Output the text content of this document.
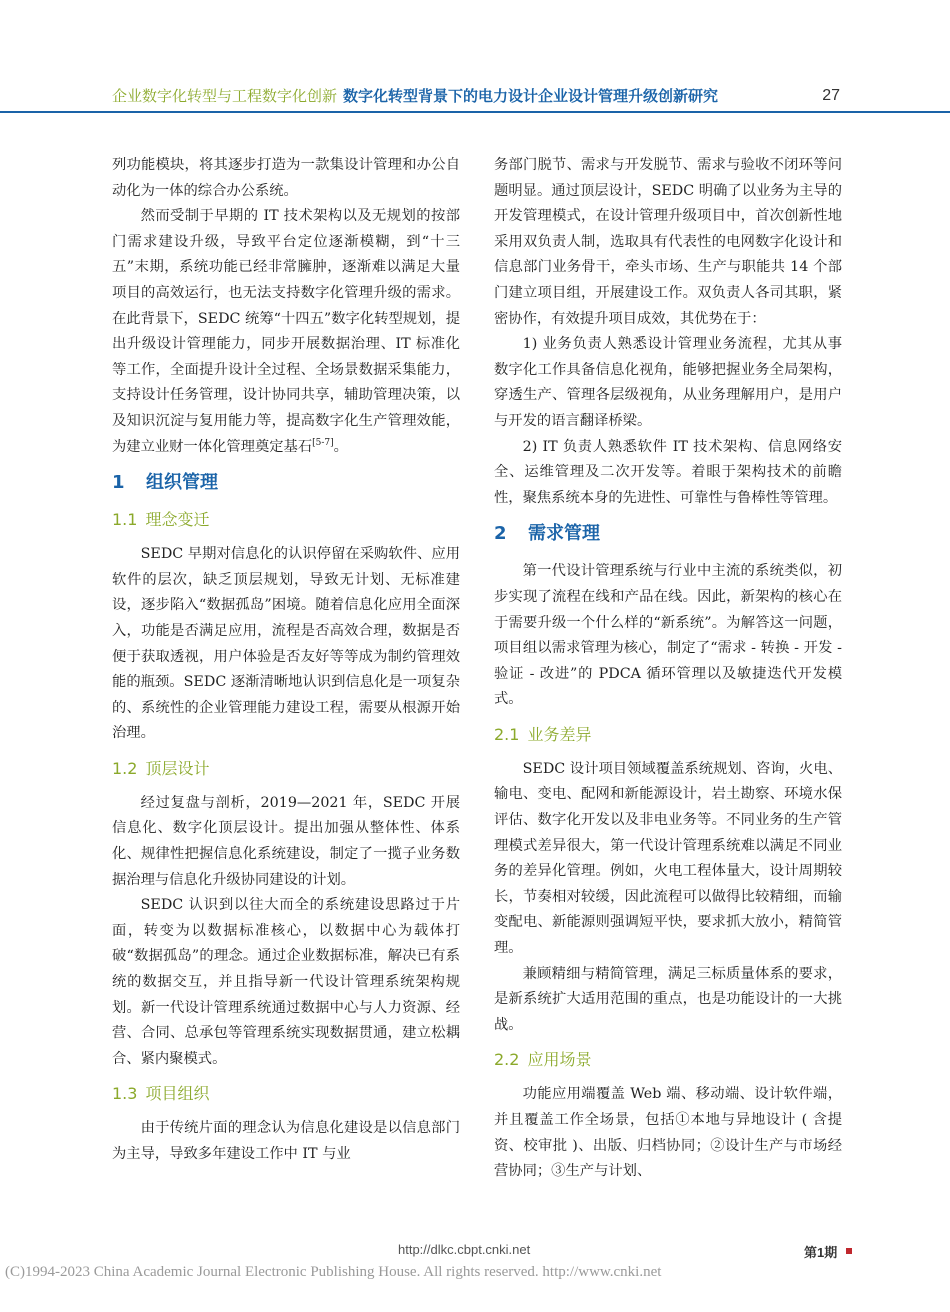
企业数字化转型与工程数字化创新 数字化转型背景下的电力设计企业设计管理升级创新研究	27

列功能模块，将其逐步打造为一款集设计管理和办公自动化为一体的综合办公系统。

然而受制于早期的 IT 技术架构以及无规划的按部门需求建设升级，导致平台定位逐渐模糊，到“十三五”末期，系统功能已经非常臃肿，逐渐难以满足大量项目的高效运行，也无法支持数字化管理升级的需求。在此背景下，SEDC 统筹“十四五”数字化转型规划，提出升级设计管理能力，同步开展数据治理、IT 标准化等工作，全面提升设计全过程、全场景数据采集能力，支持设计任务管理，设计协同共享，辅助管理决策，以及知识沉淀与复用能力等，提高数字化生产管理效能，为建立业财一体化管理奠定基石[5-7]。

1	组织管理
1.1 理念变迁

SEDC 早期对信息化的认识停留在采购软件、应用软件的层次，缺乏顶层规划，导致无计划、无标准建设，逐步陷入“数据孤岛”困境。随着信息化应用全面深入，功能是否满足应用，流程是否高效合理，数据是否便于获取透视，用户体验是否友好等等成为制约管理效能的瓶颈。SEDC 逐渐清晰地认识到信息化是一项复杂的、系统性的企业管理能力建设工程，需要从根源开始治理。

1.2 顶层设计

经过复盘与剖析，2019—2021 年，SEDC 开展信息化、数字化顶层设计。提出加强从整体性、体系化、规律性把握信息化系统建设，制定了一揽子业务数据治理与信息化升级协同建设的计划。

SEDC 认识到以往大而全的系统建设思路过于片面，转变为以数据标准核心，以数据中心为载体打破“数据孤岛”的理念。通过企业数据标准，解决已有系统的数据交互，并且指导新一代设计管理系统架构规划。新一代设计管理系统通过数据中心与人力资源、经营、合同、总承包等管理系统实现数据贯通，建立松耦合、紧内聚模式。

1.3 项目组织

由于传统片面的理念认为信息化建设是以信息部门为主导，导致多年建设工作中 IT 与业

务部门脱节、需求与开发脱节、需求与验收不闭环等问题明显。通过顶层设计，SEDC 明确了以业务为主导的开发管理模式，在设计管理升级项目中，首次创新性地采用双负责人制，选取具有代表性的电网数字化设计和信息部门业务骨干，牵头市场、生产与职能共 14 个部门建立项目组，开展建设工作。双负责人各司其职，紧密协作，有效提升项目成效，其优势在于：

1) 业务负责人熟悉设计管理业务流程，尤其从事数字化工作具备信息化视角，能够把握业务全局架构，穿透生产、管理各层级视角，从业务理解用户，是用户与开发的语言翻译桥梁。

2) IT 负责人熟悉软件 IT 技术架构、信息网络安全、运维管理及二次开发等。着眼于架构技术的前瞻性，聚焦系统本身的先进性、可靠性与鲁棒性等管理。

2	需求管理

第一代设计管理系统与行业中主流的系统类似，初步实现了流程在线和产品在线。因此，新架构的核心在于需要升级一个什么样的“新系统”。为解答这一问题，项目组以需求管理为核心，制定了“需求 - 转换 - 开发 - 验证 - 改进”的 PDCA 循环管理以及敏捷迭代开发模式。

2.1 业务差异

SEDC 设计项目领域覆盖系统规划、咨询，火电、输电、变电、配网和新能源设计，岩土勘察、环境水保评估、数字化开发以及非电业务等。不同业务的生产管理模式差异很大，第一代设计管理系统难以满足不同业务的差异化管理。例如，火电工程体量大，设计周期较长，节奏相对较缓，因此流程可以做得比较精细，而输变配电、新能源则强调短平快，要求抓大放小，精简管理。

兼顾精细与精简管理，满足三标质量体系的要求，是新系统扩大适用范围的重点，也是功能设计的一大挑战。

2.2 应用场景

功能应用端覆盖 Web 端、移动端、设计软件端，并且覆盖工作全场景，包括①本地与异地设计 ( 含提资、校审批 )、出版、归档协同；②设计生产与市场经营协同；③生产与计划、

http://dlkc.cbpt.cnki.net	第1期
(C)1994-2023 China Academic Journal Electronic Publishing House. All rights reserved. http://www.cnki.net
